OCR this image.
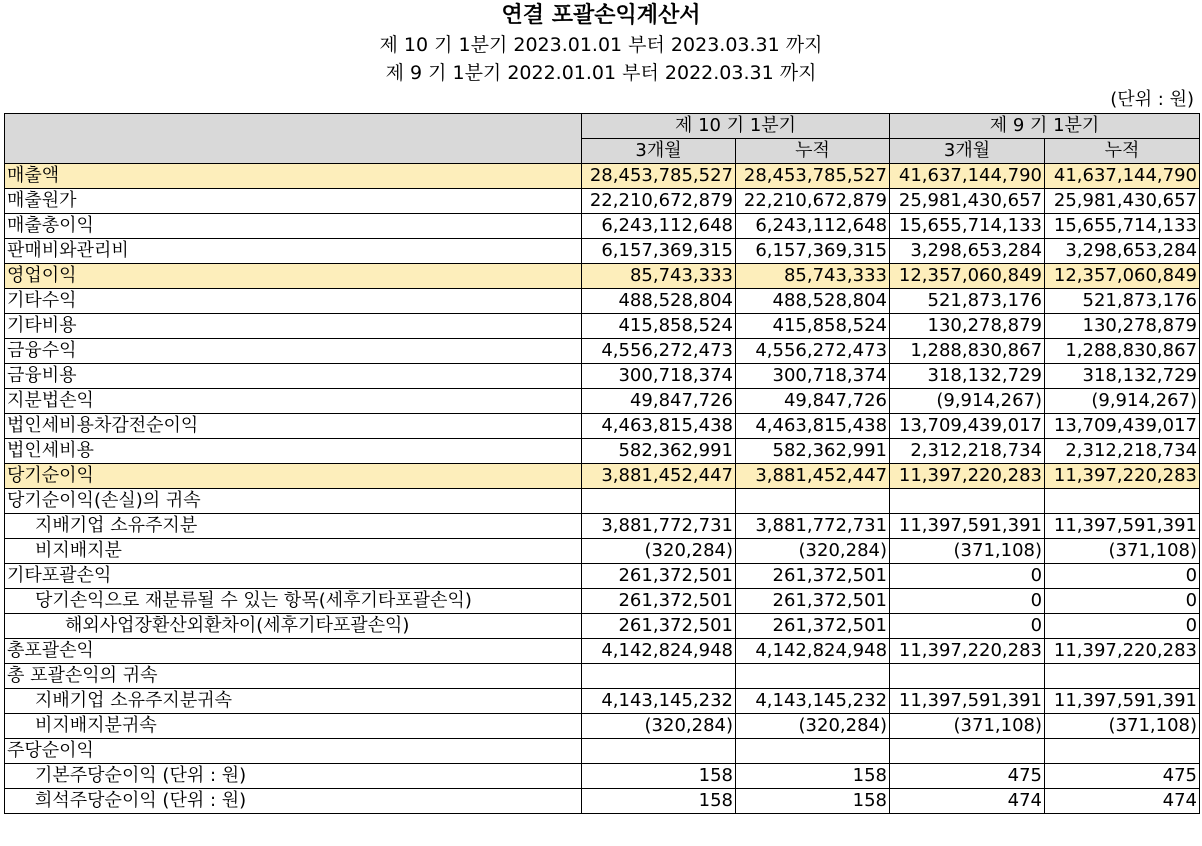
연결 포괄손익계산서
제 10 기 1분기 2023.01.01 부터 2023.03.31 까지
제 9 기 1분기 2022.01.01 부터 2022.03.31 까지
(단위 : 원)
	제 10 기 1분기		제 9 기 1분기	
	3개월	누적	3개월	누적
매출액	28,453,785,527	28,453,785,527	41,637,144,790	41,637,144,790
매출원가	22,210,672,879	22,210,672,879	25,981,430,657	25,981,430,657
매출총이익	6,243,112,648	6,243,112,648	15,655,714,133	15,655,714,133
판매비와관리비	6,157,369,315	6,157,369,315	3,298,653,284	3,298,653,284
영업이익	85,743,333	85,743,333	12,357,060,849	12,357,060,849
기타수익	488,528,804	488,528,804	521,873,176	521,873,176
기타비용	415,858,524	415,858,524	130,278,879	130,278,879
금융수익	4,556,272,473	4,556,272,473	1,288,830,867	1,288,830,867
금융비용	300,718,374	300,718,374	318,132,729	318,132,729
지분법손익	49,847,726	49,847,726	(9,914,267)	(9,914,267)
법인세비용차감전순이익	4,463,815,438	4,463,815,438	13,709,439,017	13,709,439,017
법인세비용	582,362,991	582,362,991	2,312,218,734	2,312,218,734
당기순이익	3,881,452,447	3,881,452,447	11,397,220,283	11,397,220,283
당기순이익(손실)의 귀속				
지배기업 소유주지분	3,881,772,731	3,881,772,731	11,397,591,391	11,397,591,391
비지배지분	(320,284)	(320,284)	(371,108)	(371,108)
기타포괄손익	261,372,501	261,372,501	0	0
당기손익으로 재분류될 수 있는 항목(세후기타포괄손익)	261,372,501	261,372,501	0	0
해외사업장환산외환차이(세후기타포괄손익)	261,372,501	261,372,501	0	0
총포괄손익	4,142,824,948	4,142,824,948	11,397,220,283	11,397,220,283
총 포괄손익의 귀속				
지배기업 소유주지분귀속	4,143,145,232	4,143,145,232	11,397,591,391	11,397,591,391
비지배지분귀속	(320,284)	(320,284)	(371,108)	(371,108)
주당순이익				
기본주당순이익 (단위 : 원)	158	158	475	475
희석주당순이익 (단위 : 원)	158	158	474	474
